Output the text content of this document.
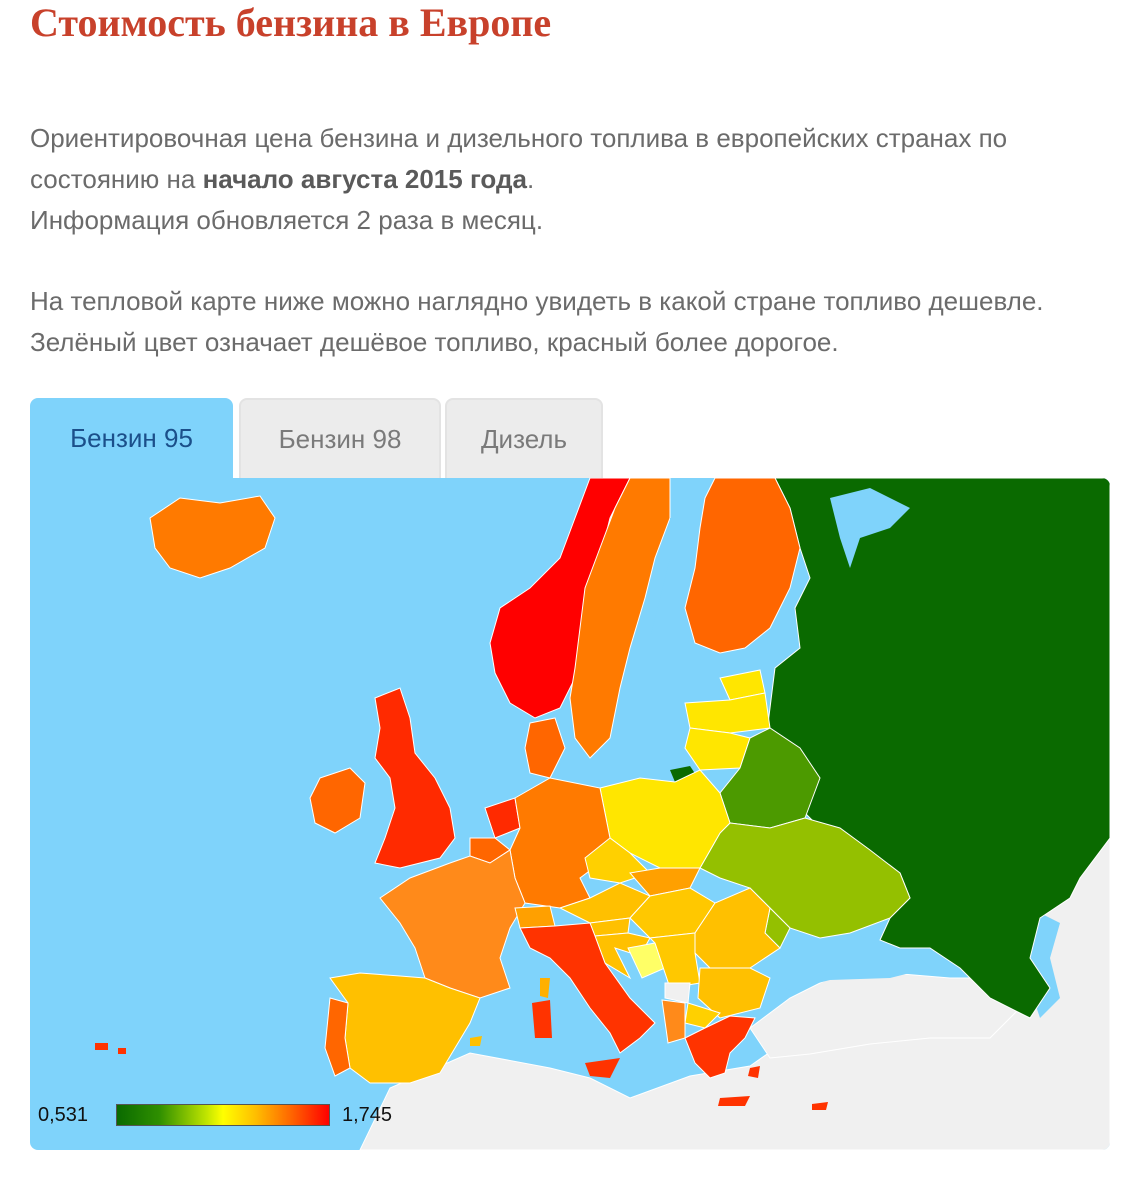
Стоимость бензина в Европе

Ориентировочная цена бензина и дизельного топлива в европейских странах по состоянию на начало августа 2015 года.
Информация обновляется 2 раза в месяц.

На тепловой карте ниже можно наглядно увидеть в какой стране топливо дешевле. Зелёный цвет означает дешёвое топливо, красный более дорогое.

Бензин 95	Бензин 98	Дизель
0,531	1,745
